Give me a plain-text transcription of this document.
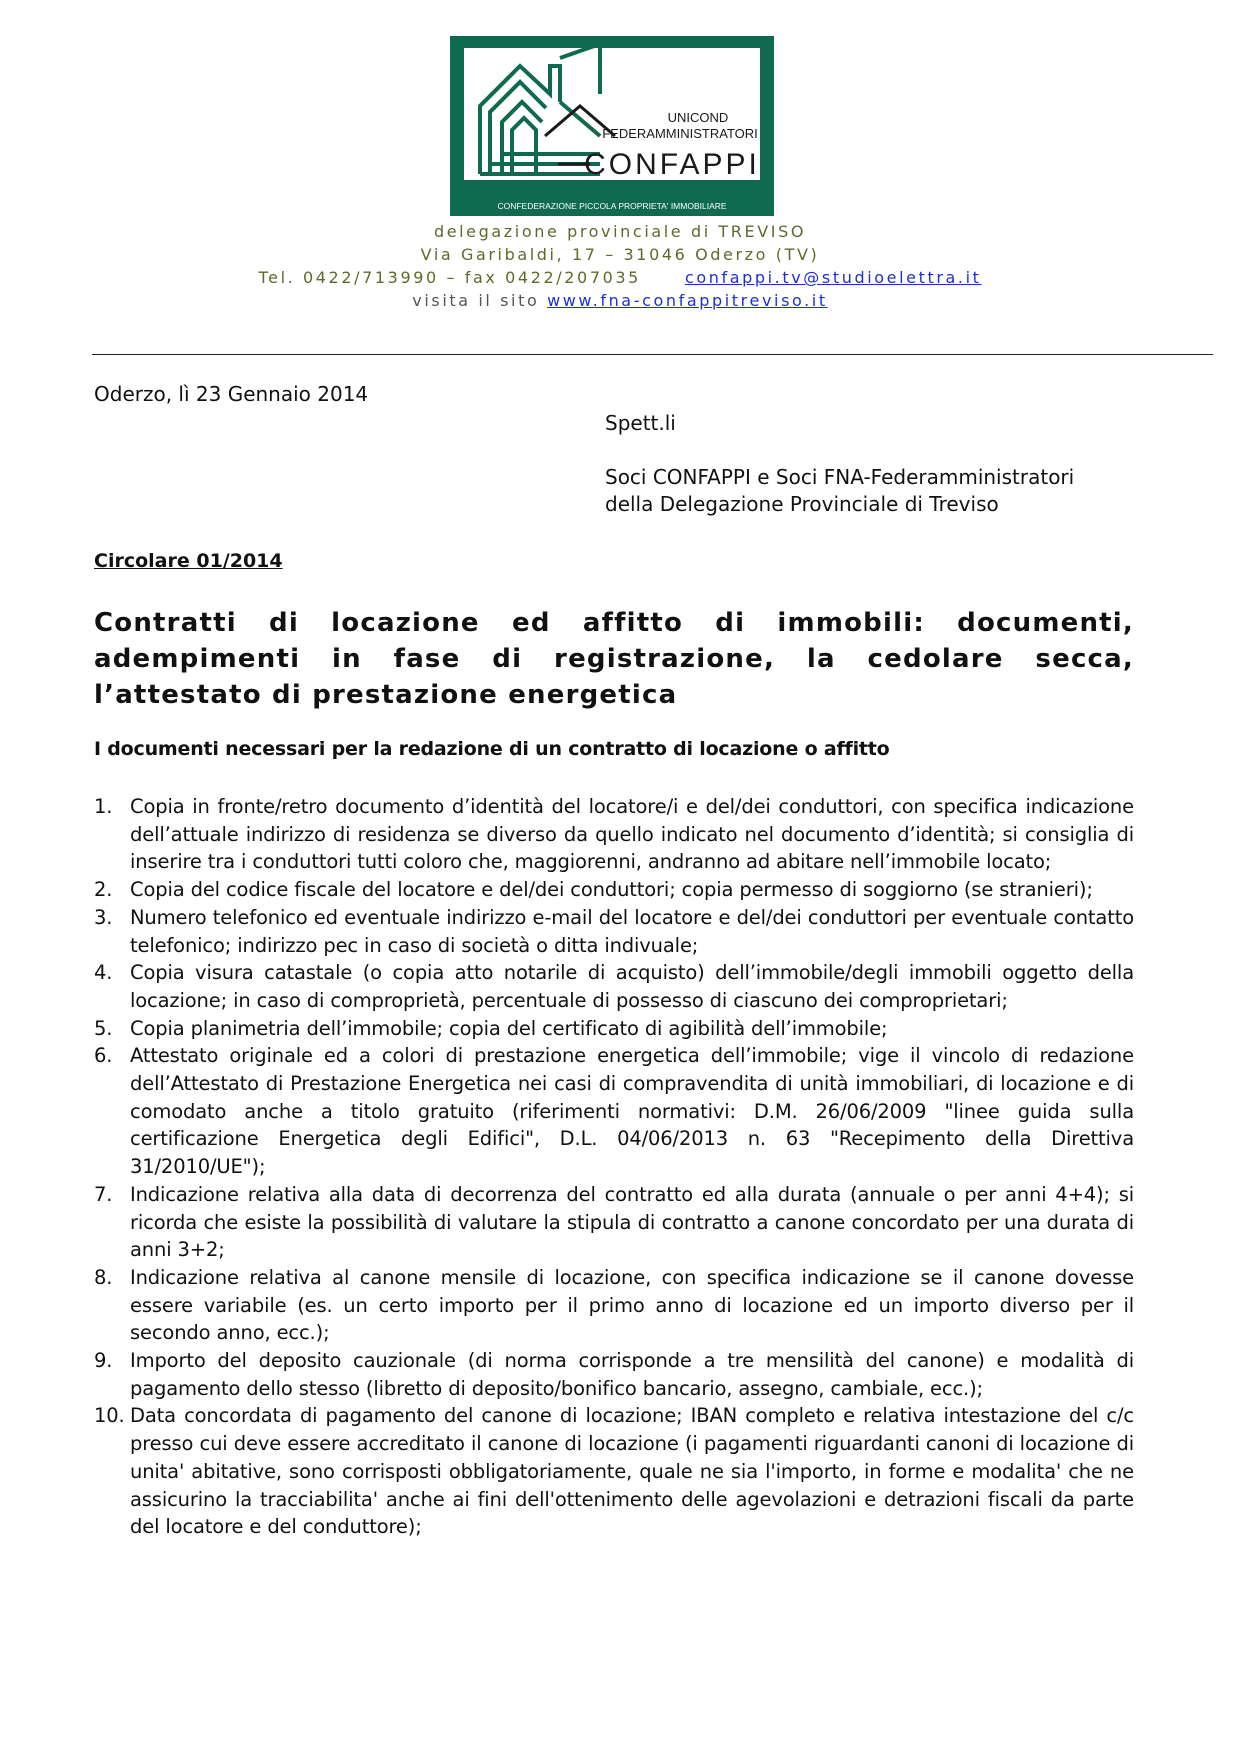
UNICOND
FEDERAMMINISTRATORI
CONFAPPI
CONFEDERAZIONE PICCOLA PROPRIETA' IMMOBILIARE
delegazione provinciale di TREVISO
Via Garibaldi, 17 – 31046 Oderzo (TV)
Tel. 0422/713990 – fax 0422/207035	confappi.tv@studioelettra.it
visita il sito www.fna-confappitreviso.it
Oderzo, lì 23 Gennaio 2014
Spett.li
Soci CONFAPPI e Soci FNA-Federamministratori
della Delegazione Provinciale di Treviso
Circolare 01/2014
Contratti di locazione ed affitto di immobili: documenti, adempimenti in fase di registrazione, la cedolare secca, l’attestato di prestazione energetica
I documenti necessari per la redazione di un contratto di locazione o affitto
1. Copia in fronte/retro documento d’identità del locatore/i e del/dei conduttori, con specifica indicazione dell’attuale indirizzo di residenza se diverso da quello indicato nel documento d’identità; si consiglia di inserire tra i conduttori tutti coloro che, maggiorenni, andranno ad abitare nell’immobile locato;
2. Copia del codice fiscale del locatore e del/dei conduttori; copia permesso di soggiorno (se stranieri);
3. Numero telefonico ed eventuale indirizzo e-mail del locatore e del/dei conduttori per eventuale contatto telefonico; indirizzo pec in caso di società o ditta indivuale;
4. Copia visura catastale (o copia atto notarile di acquisto) dell’immobile/degli immobili oggetto della locazione; in caso di comproprietà, percentuale di possesso di ciascuno dei comproprietari;
5. Copia planimetria dell’immobile; copia del certificato di agibilità dell’immobile;
6. Attestato originale ed a colori di prestazione energetica dell’immobile; vige il vincolo di redazione dell’Attestato di Prestazione Energetica nei casi di compravendita di unità immobiliari, di locazione e di comodato anche a titolo gratuito (riferimenti normativi: D.M. 26/06/2009 "linee guida sulla certificazione Energetica degli Edifici", D.L. 04/06/2013 n. 63 "Recepimento della Direttiva 31/2010/UE");
7. Indicazione relativa alla data di decorrenza del contratto ed alla durata (annuale o per anni 4+4); si ricorda che esiste la possibilità di valutare la stipula di contratto a canone concordato per una durata di anni 3+2;
8. Indicazione relativa al canone mensile di locazione, con specifica indicazione se il canone dovesse essere variabile (es. un certo importo per il primo anno di locazione ed un importo diverso per il secondo anno, ecc.);
9. Importo del deposito cauzionale (di norma corrisponde a tre mensilità del canone) e modalità di pagamento dello stesso (libretto di deposito/bonifico bancario, assegno, cambiale, ecc.);
10. Data concordata di pagamento del canone di locazione; IBAN completo e relativa intestazione del c/c presso cui deve essere accreditato il canone di locazione (i pagamenti riguardanti canoni di locazione di unita' abitative, sono corrisposti obbligatoriamente, quale ne sia l'importo, in forme e modalita' che ne assicurino la tracciabilita' anche ai fini dell'ottenimento delle agevolazioni e detrazioni fiscali da parte del locatore e del conduttore);
